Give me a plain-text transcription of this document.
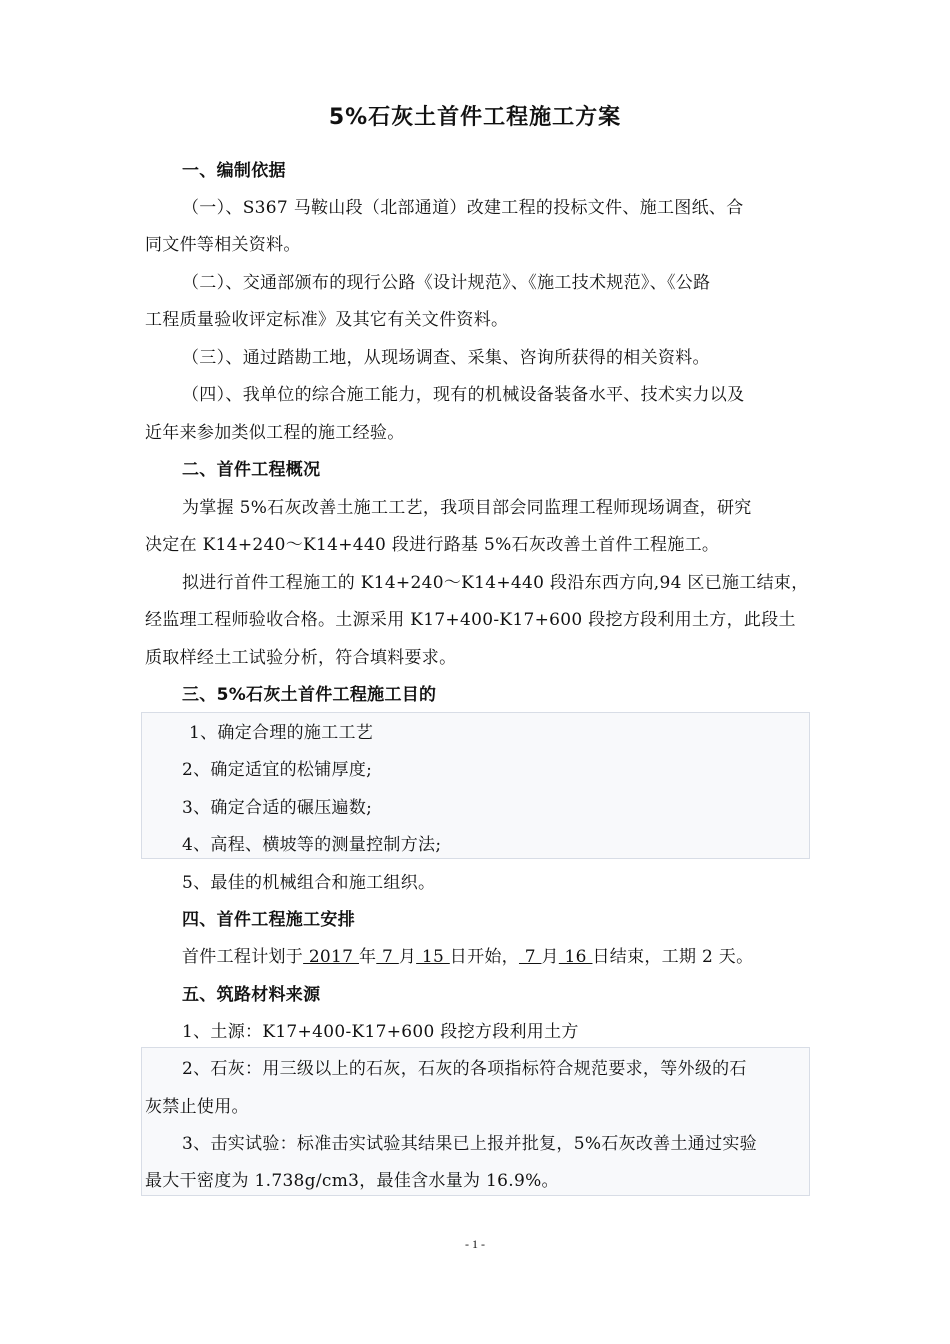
5%石灰土首件工程施工方案
一、编制依据
（一）、S367 马鞍山段（北部通道）改建工程的投标文件、施工图纸、合
同文件等相关资料。
（二）、交通部颁布的现行公路《设计规范》、《施工技术规范》、《公路
工程质量验收评定标准》及其它有关文件资料。
（三）、通过踏勘工地，从现场调查、采集、咨询所获得的相关资料。
（四）、我单位的综合施工能力，现有的机械设备装备水平、技术实力以及
近年来参加类似工程的施工经验。
二、首件工程概况
为掌握 5%石灰改善土施工工艺，我项目部会同监理工程师现场调查，研究
决定在 K14+240～K14+440 段进行路基 5%石灰改善土首件工程施工。
拟进行首件工程施工的 K14+240～K14+440 段沿东西方向,94 区已施工结束，
经监理工程师验收合格。土源采用 K17+400-K17+600 段挖方段利用土方，此段土
质取样经土工试验分析，符合填料要求。
三、5%石灰土首件工程施工目的
1、确定合理的施工工艺
2、确定适宜的松铺厚度;
3、确定合适的碾压遍数;
4、高程、横坡等的测量控制方法;
5、最佳的机械组合和施工组织。
四、首件工程施工安排
首件工程计划于 2017 年 7 月 15 日开始， 7 月 16 日结束，工期 2 天。
五、筑路材料来源
1、土源：K17+400-K17+600 段挖方段利用土方
2、石灰：用三级以上的石灰，石灰的各项指标符合规范要求，等外级的石
灰禁止使用。
3、击实试验：标准击实试验其结果已上报并批复，5%石灰改善土通过实验
最大干密度为 1.738g/cm3，最佳含水量为 16.9%。
- 1 -
